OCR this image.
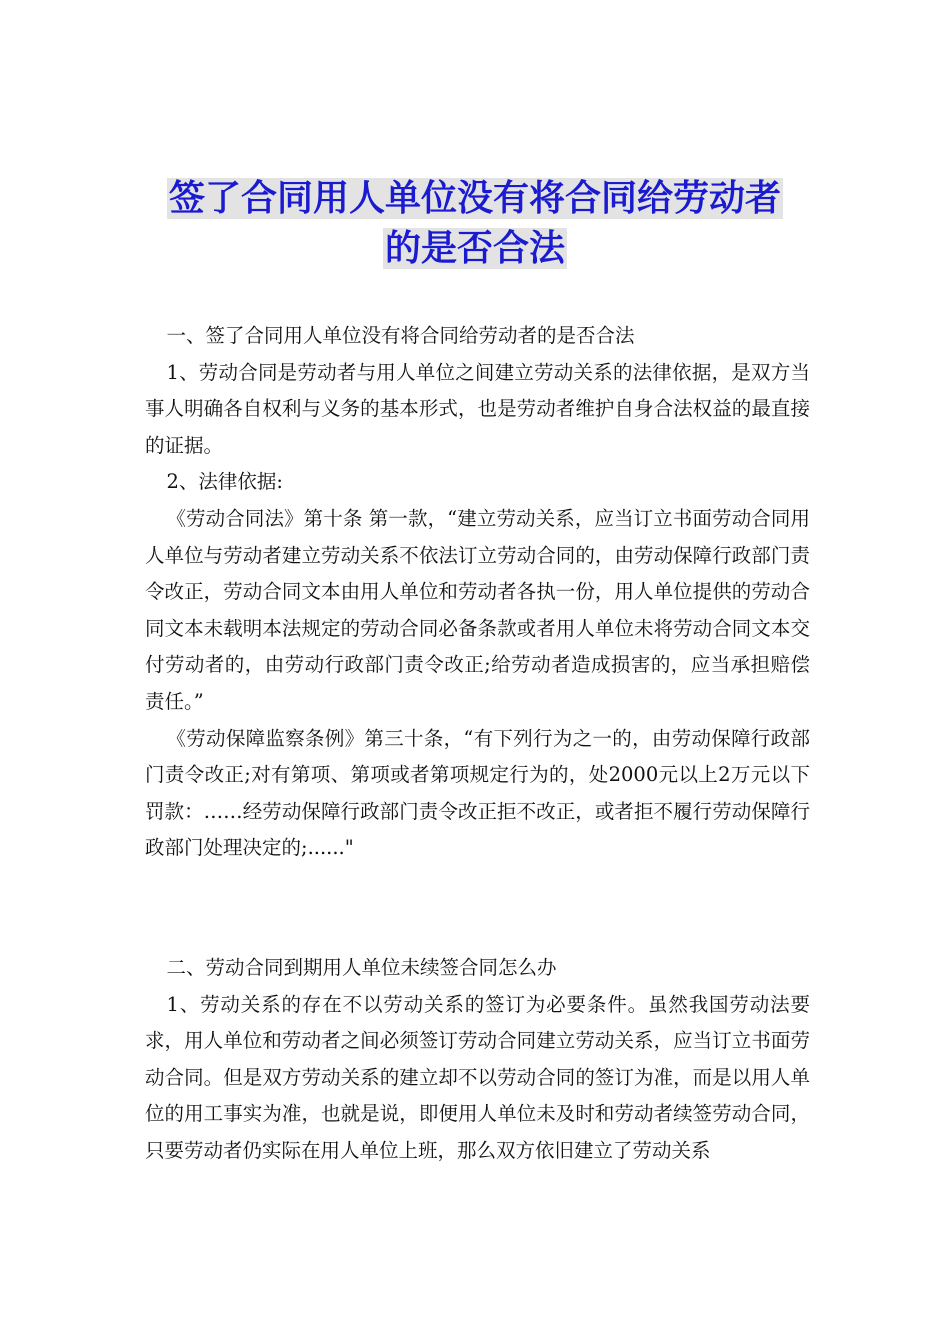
签了合同用人单位没有将合同给劳动者
的是否合法

一、签了合同用人单位没有将合同给劳动者的是否合法

1、劳动合同是劳动者与用人单位之间建立劳动关系的法律依据，是双方当事人明确各自权利与义务的基本形式，也是劳动者维护自身合法权益的最直接的证据。

2、法律依据:

《劳动合同法》第十条 第一款，“建立劳动关系，应当订立书面劳动合同用人单位与劳动者建立劳动关系不依法订立劳动合同的，由劳动保障行政部门责令改正，劳动合同文本由用人单位和劳动者各执一份，用人单位提供的劳动合同文本未载明本法规定的劳动合同必备条款或者用人单位未将劳动合同文本交付劳动者的，由劳动行政部门责令改正;给劳动者造成损害的，应当承担赔偿责任。”

《劳动保障监察条例》第三十条，“有下列行为之一的，由劳动保障行政部门责令改正;对有第项、第项或者第项规定行为的，处2000元以上2万元以下罚款：……经劳动保障行政部门责令改正拒不改正，或者拒不履行劳动保障行政部门处理决定的;......"

二、劳动合同到期用人单位未续签合同怎么办

1、劳动关系的存在不以劳动关系的签订为必要条件。虽然我国劳动法要求，用人单位和劳动者之间必须签订劳动合同建立劳动关系，应当订立书面劳动合同。但是双方劳动关系的建立却不以劳动合同的签订为准，而是以用人单位的用工事实为准，也就是说，即便用人单位未及时和劳动者续签劳动合同，只要劳动者仍实际在用人单位上班，那么双方依旧建立了劳动关系
